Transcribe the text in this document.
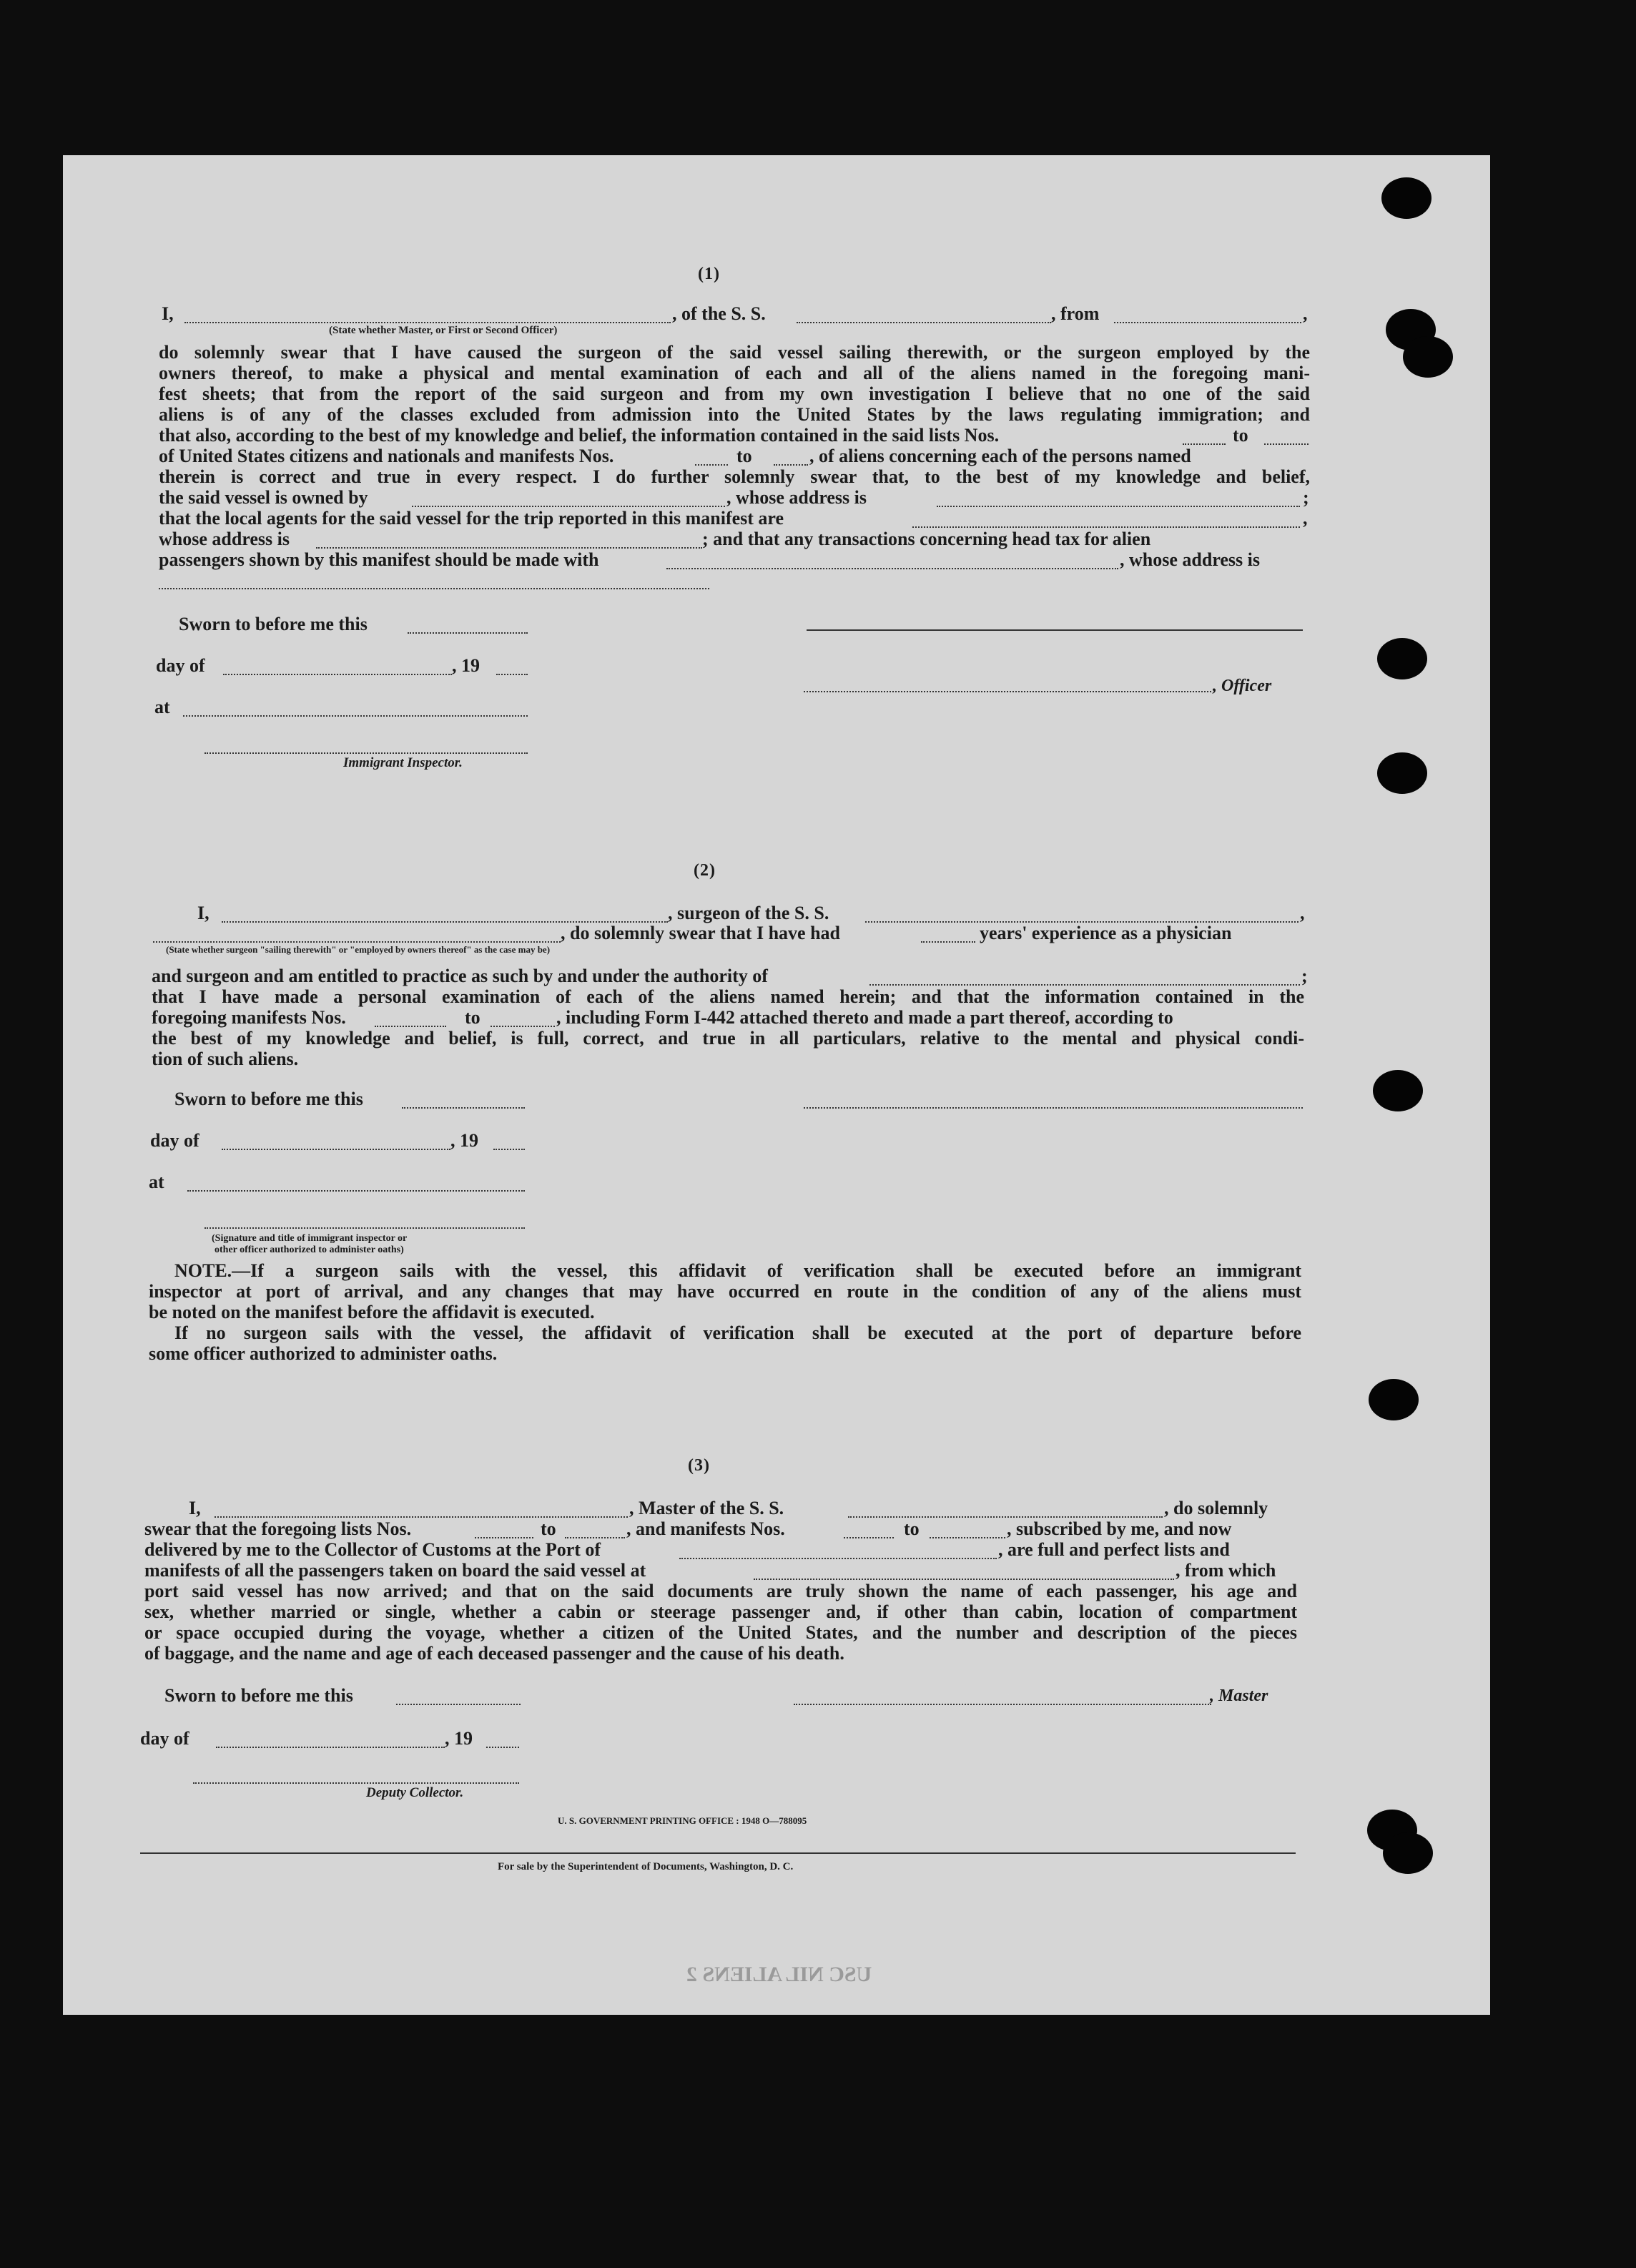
(1)
I,	, of the S. S.	, from	,
(State whether Master, or First or Second Officer)
do solemnly swear that I have caused the surgeon of the said vessel sailing therewith, or the surgeon employed by the
owners thereof, to make a physical and mental examination of each and all of the aliens named in the foregoing mani-
fest sheets; that from the report of the said surgeon and from my own investigation I believe that no one of the said
aliens is of any of the classes excluded from admission into the United States by the laws regulating immigration; and
that also, according to the best of my knowledge and belief, the information contained in the said lists Nos.	to
of United States citizens and nationals and manifests Nos.	to	, of aliens concerning each of the persons named
therein is correct and true in every respect. I do further solemnly swear that, to the best of my knowledge and belief,
the said vessel is owned by	, whose address is	;
that the local agents for the said vessel for the trip reported in this manifest are	,
whose address is	; and that any transactions concerning head tax for alien
passengers shown by this manifest should be made with	, whose address is
Sworn to before me this
day of	, 19
, Officer
at
Immigrant Inspector.
(2)
I,	, surgeon of the S. S.	,
, do solemnly swear that I have had	years' experience as a physician
(State whether surgeon "sailing therewith" or "employed by owners thereof" as the case may be)
and surgeon and am entitled to practice as such by and under the authority of	;
that I have made a personal examination of each of the aliens named herein; and that the information contained in the
foregoing manifests Nos.	to	, including Form I-442 attached thereto and made a part thereof, according to
the best of my knowledge and belief, is full, correct, and true in all particulars, relative to the mental and physical condi-
tion of such aliens.
Sworn to before me this
day of	, 19
at
(Signature and title of immigrant inspector or
other officer authorized to administer oaths)
NOTE.—If a surgeon sails with the vessel, this affidavit of verification shall be executed before an immigrant
inspector at port of arrival, and any changes that may have occurred en route in the condition of any of the aliens must
be noted on the manifest before the affidavit is executed.
If no surgeon sails with the vessel, the affidavit of verification shall be executed at the port of departure before
some officer authorized to administer oaths.
(3)
I,	, Master of the S. S.	, do solemnly
swear that the foregoing lists Nos.	to	, and manifests Nos.	to	, subscribed by me, and now
delivered by me to the Collector of Customs at the Port of	, are full and perfect lists and
manifests of all the passengers taken on board the said vessel at	, from which
port said vessel has now arrived; and that on the said documents are truly shown the name of each passenger, his age and
sex, whether married or single, whether a cabin or steerage passenger and, if other than cabin, location of compartment
or space occupied during the voyage, whether a citizen of the United States, and the number and description of the pieces
of baggage, and the name and age of each deceased passenger and the cause of his death.
Sworn to before me this	, Master
day of	, 19
Deputy Collector.
U. S. GOVERNMENT PRINTING OFFICE : 1948 O—788095
For sale by the Superintendent of Documents, Washington, D. C.
USC NIL ALIENS 2
